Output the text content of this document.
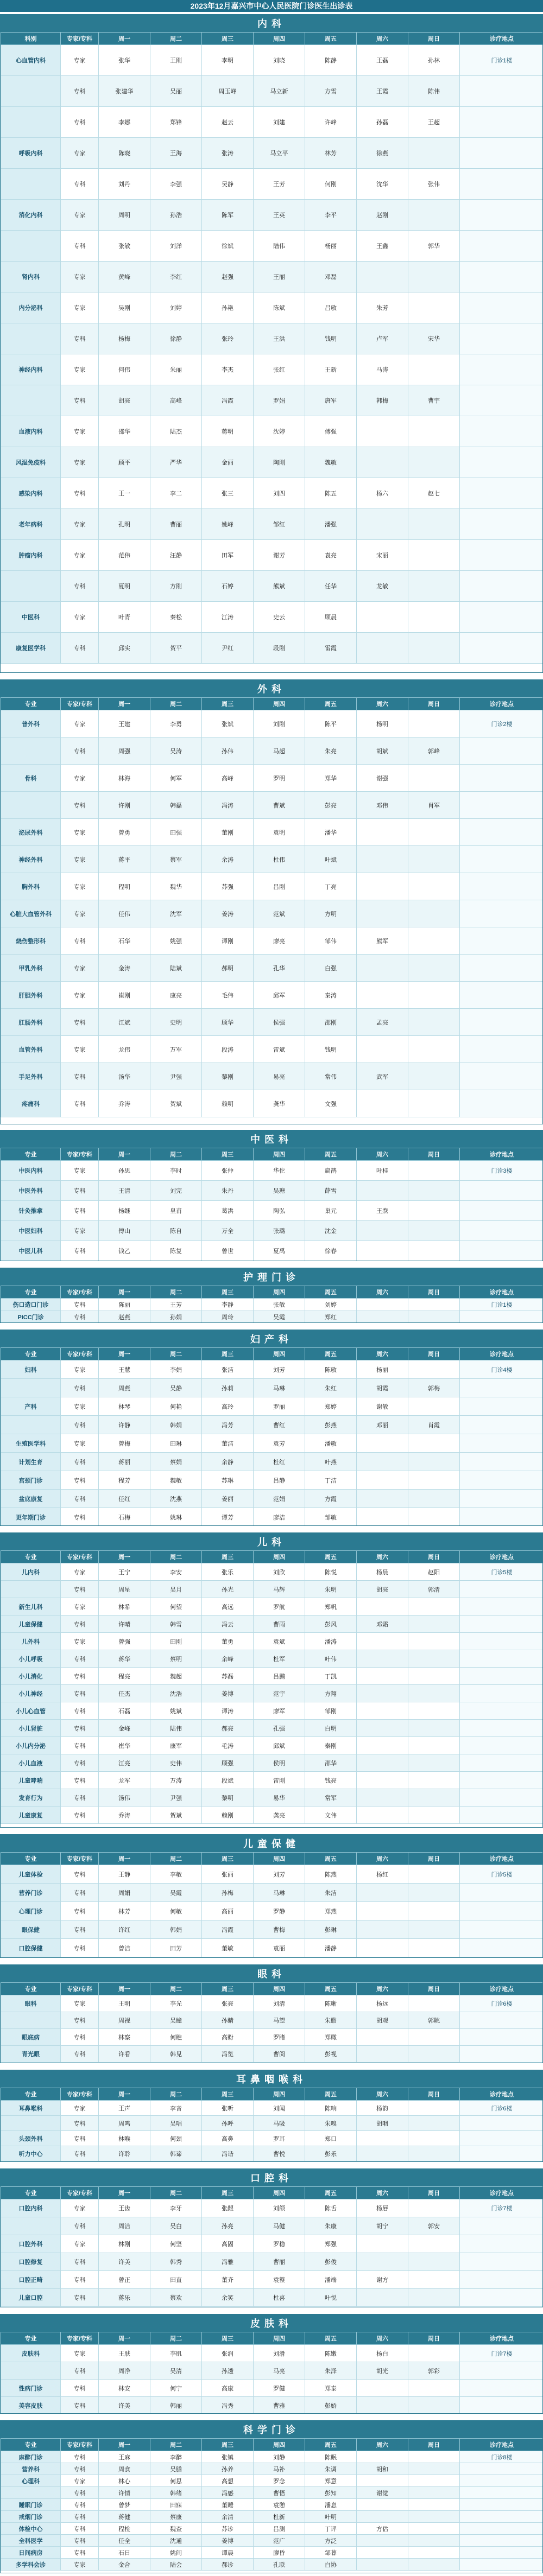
2023年12月嘉兴市中心人民医院门诊医生出诊表
内科
科别	专家/专科	周一	周二	周三	周四	周五	周六	周日	诊疗地点
心血管内科	专家	张华	王刚	李明	刘晓	陈静	王磊	孙林	门诊1楼
	专科	张建华	吴丽	周玉峰	马立新	方雪	王霞	陈伟	
	专科	李娜	郑锋	赵云	刘建	许峰	孙磊	王超	
呼吸内科	专家	陈晓	王海	张涛	马立平	林芳	徐燕		
	专科	刘丹	李强	吴静	王芳	何刚	沈华	张伟	
消化内科	专家	周明	孙浩	陈军	王英	李平	赵刚		
	专科	张敏	刘洋	徐斌	陆伟	杨丽	王鑫	郭华	
肾内科	专家	黄峰	李红	赵强	王丽	邓磊			
内分泌科	专家	吴刚	刘婷	孙艳	陈斌	吕敏	朱芳		
	专科	杨梅	徐静	张玲	王洪	钱明	卢军	宋华	
神经内科	专家	何伟	朱丽	李杰	张红	王新	马涛		
	专科	胡亮	高峰	冯霞	罗娟	唐军	韩梅	曹宇	
血液内科	专家	邵华	陆杰	蒋明	沈婷	傅强			
风湿免疫科	专家	顾平	严华	金丽	陶刚	魏敏			
感染内科	专科	王一	李二	张三	刘四	陈五	杨六	赵七	
老年病科	专家	孔明	曹丽	姚峰	邹红	潘强			
肿瘤内科	专家	范伟	汪静	田军	谢芳	袁亮	宋丽		
	专科	夏明	方刚	石婷	熊斌	任华	龙敏		
中医科	专家	叶青	秦松	江涛	史云	顾晨			
康复医学科	专科	邱实	贺平	尹红	段刚	雷霞			
外科
专业	专家/专科	周一	周二	周三	周四	周五	周六	周日	诊疗地点
普外科	专家	王建	李勇	张斌	刘刚	陈平	杨明		门诊2楼
	专科	周强	吴涛	孙伟	马超	朱亮	胡斌	郭峰	
骨科	专家	林海	何军	高峰	罗明	郑华	谢强		
	专科	许刚	韩磊	冯涛	曹斌	彭亮	邓伟	肖军	
泌尿外科	专家	曾勇	田强	董刚	袁明	潘华			
神经外科	专家	蒋平	蔡军	余涛	杜伟	叶斌			
胸外科	专家	程明	魏华	苏强	吕刚	丁亮			
心脏大血管外科	专家	任伟	沈军	姜涛	范斌	方明			
烧伤整形科	专科	石华	姚强	谭刚	廖亮	邹伟	熊军		
甲乳外科	专家	金涛	陆斌	郝明	孔华	白强			
肝胆外科	专家	崔刚	康亮	毛伟	邱军	秦涛			
肛肠外科	专科	江斌	史明	顾华	侯强	邵刚	孟亮		
血管外科	专家	龙伟	万军	段涛	雷斌	钱明			
手足外科	专科	汤华	尹强	黎刚	易亮	常伟	武军		
疼痛科	专科	乔涛	贺斌	赖明	龚华	文强			
中医科
专业	专家/专科	周一	周二	周三	周四	周五	周六	周日	诊疗地点
中医内科	专家	孙思	李时	张仲	华佗	扁鹊	叶桂		门诊3楼
中医外科	专科	王清	刘完	朱丹	吴瑭	薛雪			
针灸推拿	专科	杨继	皇甫	葛洪	陶弘	巢元	王焘		
中医妇科	专家	傅山	陈自	万全	张璐	沈金			
中医儿科	专科	钱乙	陈复	曾世	夏禹	徐春			
护理门诊
专业	专家/专科	周一	周二	周三	周四	周五	周六	周日	诊疗地点
伤口造口门诊	专科	陈丽	王芳	李静	张敏	刘婷			门诊1楼
PICC门诊	专科	赵燕	孙娟	周玲	吴霞	郑红			
妇产科
专业	专家/专科	周一	周二	周三	周四	周五	周六	周日	诊疗地点
妇科	专家	王慧	李娟	张洁	刘芳	陈敏	杨丽		门诊4楼
	专科	周燕	吴静	孙莉	马琳	朱红	胡霞	郭梅	
产科	专家	林琴	何艳	高玲	罗丽	郑婷	谢敏		
	专科	许静	韩娟	冯芳	曹红	彭燕	邓丽	肖霞	
生殖医学科	专家	曾梅	田琳	董洁	袁芳	潘敏			
计划生育	专科	蒋丽	蔡娟	余静	杜红	叶燕			
宫颈门诊	专科	程芳	魏敏	苏琳	吕静	丁洁			
盆底康复	专科	任红	沈燕	姜丽	范娟	方霞			
更年期门诊	专科	石梅	姚琳	谭芳	廖洁	邹敏			
儿科
专业	专家/专科	周一	周二	周三	周四	周五	周六	周日	诊疗地点
儿内科	专家	王宁	李安	张乐	刘欣	陈悦	杨晨	赵阳	门诊5楼
	专科	周星	吴月	孙光	马辉	朱明	胡亮	郭清	
新生儿科	专家	林希	何望	高远	罗航	郑帆			
儿童保健	专科	许晴	韩雪	冯云	曹雨	彭风	邓霜		
儿外科	专家	曾强	田刚	董勇	袁斌	潘涛			
小儿呼吸	专科	蒋华	蔡明	余峰	杜军	叶伟			
小儿消化	专科	程亮	魏超	苏磊	吕鹏	丁凯			
小儿神经	专科	任杰	沈浩	姜博	范宇	方翔			
小儿心血管	专科	石磊	姚斌	谭涛	廖军	邹刚			
小儿肾脏	专科	金峰	陆伟	郝亮	孔强	白明			
小儿内分泌	专科	崔华	康军	毛涛	邱斌	秦刚			
小儿血液	专科	江亮	史伟	顾强	侯明	邵华			
儿童哮喘	专科	龙军	万涛	段斌	雷刚	钱亮			
发育行为	专科	汤伟	尹强	黎明	易华	常军			
儿童康复	专科	乔涛	贺斌	赖刚	龚亮	文伟			
儿童保健
专业	专家/专科	周一	周二	周三	周四	周五	周六	周日	诊疗地点
儿童体检	专科	王静	李敏	张丽	刘芳	陈燕	杨红		门诊5楼
营养门诊	专科	周娟	吴霞	孙梅	马琳	朱洁			
心理门诊	专科	林芳	何敏	高丽	罗静	郑燕			
眼保健	专科	许红	韩娟	冯霞	曹梅	彭琳			
口腔保健	专科	曾洁	田芳	董敏	袁丽	潘静			
眼科
专业	专家/专科	周一	周二	周三	周四	周五	周六	周日	诊疗地点
眼科	专家	王明	李光	张亮	刘清	陈晰	杨远		门诊6楼
	专科	周视	吴瞳	孙睛	马望	朱瞻	胡观	郭眺	
眼底病	专科	林察	何瞧	高盼	罗睹	郑瞰			
青光眼	专科	许看	韩见	冯览	曹阅	彭视			
耳鼻咽喉科
专业	专家/专科	周一	周二	周三	周四	周五	周六	周日	诊疗地点
耳鼻喉科	专家	王声	李音	张听	刘闻	陈响	杨韵		门诊6楼
	专科	周鸣	吴唱	孙呼	马吸	朱嗅	胡咽		
头颈外科	专科	林喉	何颈	高鼻	罗耳	郑口			
听力中心	专科	许聆	韩谛	冯谐	曹悦	彭乐			
口腔科
专业	专家/专科	周一	周二	周三	周四	周五	周六	周日	诊疗地点
口腔内科	专家	王齿	李牙	张龈	刘颌	陈舌	杨唇		门诊7楼
	专科	周洁	吴白	孙亮	马健	朱康	胡宁	郭安	
口腔外科	专家	林刚	何坚	高固	罗稳	郑强			
口腔修复	专科	许美	韩秀	冯雅	曹丽	彭俊			
口腔正畸	专科	曾正	田直	董齐	袁整	潘端	谢方		
儿童口腔	专科	蒋乐	蔡欢	余笑	杜喜	叶悦			
皮肤科
专业	专家/专科	周一	周二	周三	周四	周五	周六	周日	诊疗地点
皮肤科	专家	王肤	李肌	张润	刘滑	陈嫩	杨白		门诊7楼
	专科	周净	吴清	孙透	马亮	朱泽	胡光	郭彩	
性病门诊	专科	林安	何宁	高康	罗健	郑泰			
美容皮肤	专科	许美	韩丽	冯秀	曹雅	彭娇			
科学门诊
专业	专家/专科	周一	周二	周三	周四	周五	周六	周日	诊疗地点
麻醉门诊	专科	王麻	李醉	张镇	刘静	陈眠			门诊8楼
营养科	专科	周食	吴膳	孙养	马补	朱调	胡和		
心理科	专家	林心	何思	高想	罗念	郑意			
	专科	许情	韩绪	冯感	曹悟	彭知	谢觉		
睡眠门诊	专科	曾梦	田寐	董睡	袁憩	潘息			
戒烟门诊	专科	蒋健	蔡康	余清	杜新	叶明			
体检中心	专科	程检	魏查	苏诊	吕测	丁评	方估		
全科医学	专科	任全	沈通	姜博	范广	方泛			
日间病房	专科	石日	姚间	谭晨	廖昏	邹暮			
多学科会诊	专家	金合	陆会	郝诊	孔联	白协			
